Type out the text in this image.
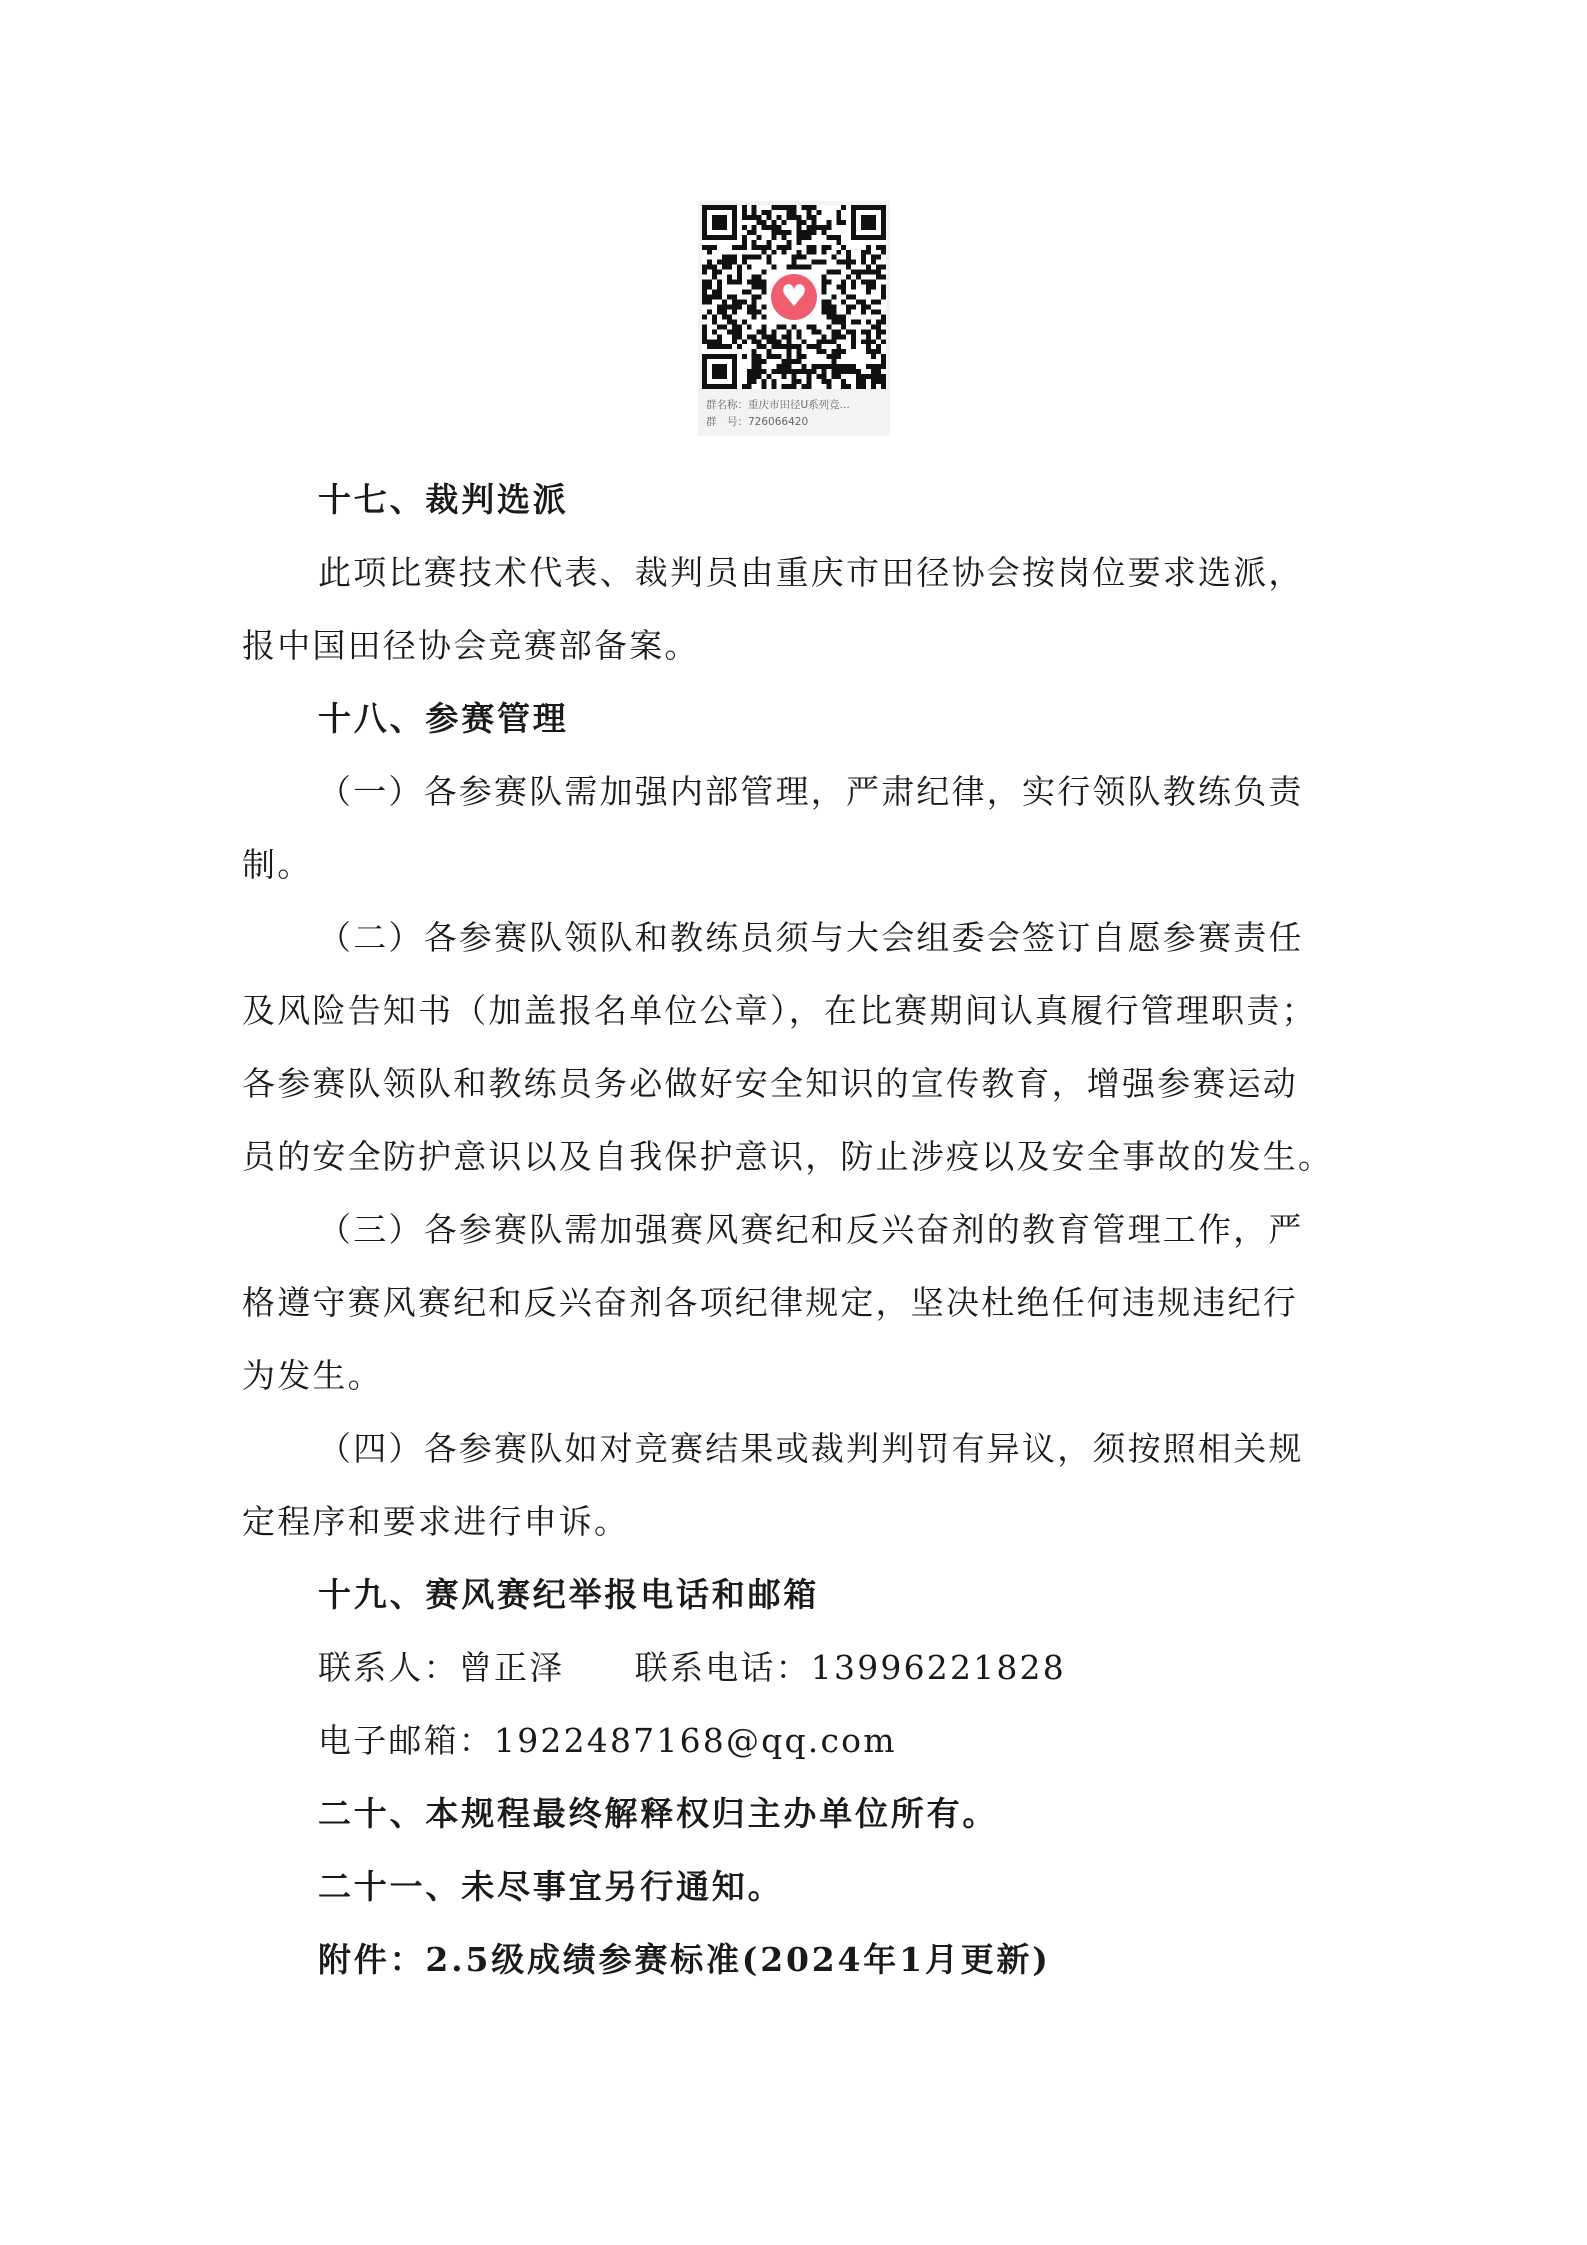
♥
群名称：重庆市田径U系列竞...
群　号：726066420
十七、裁判选派
此项比赛技术代表、裁判员由重庆市田径协会按岗位要求选派，
报中国田径协会竞赛部备案。
十八、参赛管理
（一）各参赛队需加强内部管理，严肃纪律，实行领队教练负责
制。
（二）各参赛队领队和教练员须与大会组委会签订自愿参赛责任
及风险告知书（加盖报名单位公章），在比赛期间认真履行管理职责；
各参赛队领队和教练员务必做好安全知识的宣传教育，增强参赛运动
员的安全防护意识以及自我保护意识，防止涉疫以及安全事故的发生。
（三）各参赛队需加强赛风赛纪和反兴奋剂的教育管理工作，严
格遵守赛风赛纪和反兴奋剂各项纪律规定，坚决杜绝任何违规违纪行
为发生。
（四）各参赛队如对竞赛结果或裁判判罚有异议，须按照相关规
定程序和要求进行申诉。
十九、赛风赛纪举报电话和邮箱
联系人：曾正泽　　联系电话：13996221828
电子邮箱：1922487168@qq.com
二十、本规程最终解释权归主办单位所有。
二十一、未尽事宜另行通知。
附件：2.5级成绩参赛标准(2024年1月更新)
